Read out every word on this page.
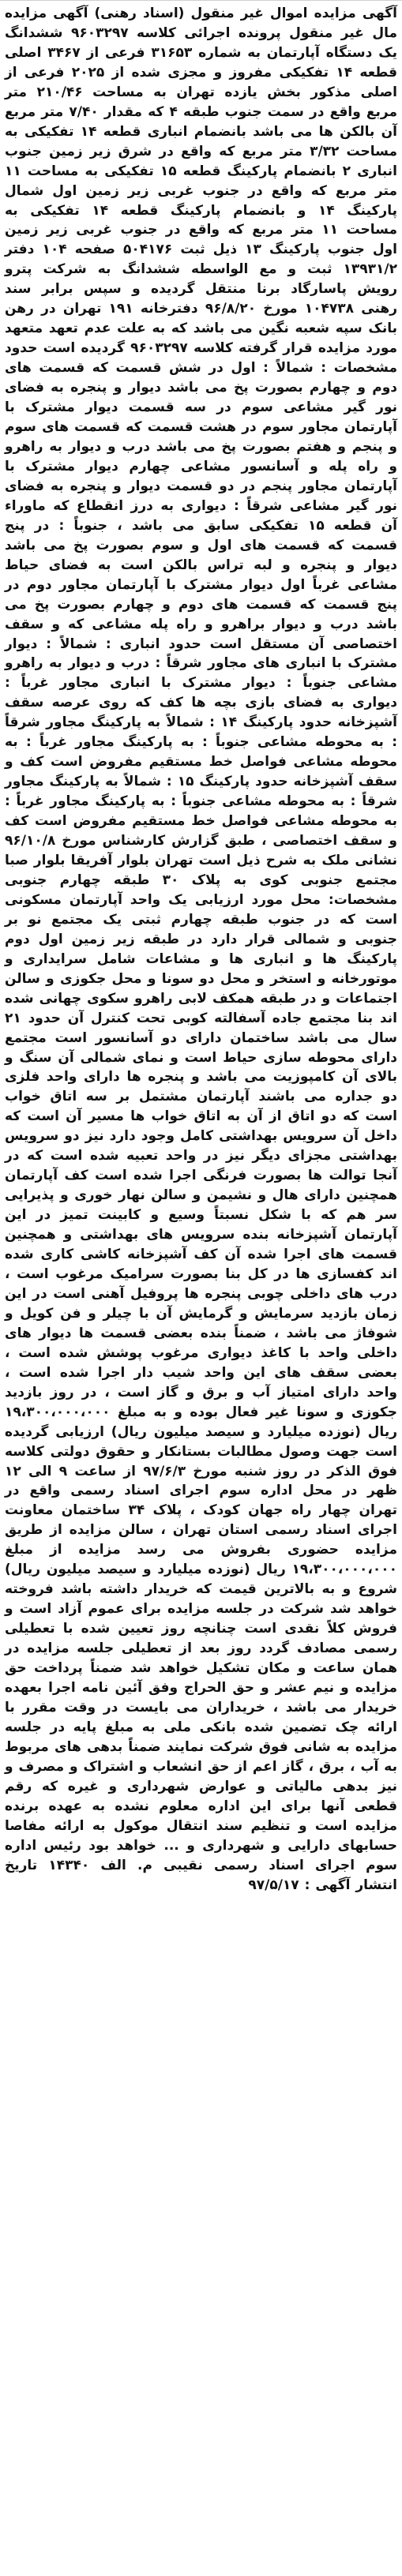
آگهی مزایده اموال غیر منقول (اسناد رهنی) آگهی مزایده مال غیر منقول پرونده اجرائی کلاسه ۹۶۰۳۲۹۷ ششدانگ یک دستگاه آپارتمان به شماره ۳۱۶۵۳ فرعی از ۳۴۶۷ اصلی قطعه ۱۴ تفکیکی مفروز و مجزی شده از ۲۰۲۵ فرعی از اصلی مذکور بخش یازده تهران به مساحت ۲۱۰/۴۶ متر مربع واقع در سمت جنوب طبقه ۴ که مقدار ۷/۴۰ متر مربع آن بالکن ها می باشد بانضمام انباری قطعه ۱۴ تفکیکی به مساحت ۳/۳۲ متر مربع که واقع در شرق زیر زمین جنوب انباری ۲ بانضمام پارکینگ قطعه ۱۵ تفکیکی به مساحت ۱۱ متر مربع که واقع در جنوب غربی زیر زمین اول شمال پارکینگ ۱۴ و بانضمام پارکینگ قطعه ۱۴ تفکیکی به مساحت ۱۱ متر مربع که واقع در جنوب غربی زیر زمین اول جنوب پارکینگ ۱۳ ذیل ثبت ۵۰۴۱۷۶ صفحه ۱۰۴ دفتر ۱۳۹۳۱/۲ ثبت و مع الواسطه ششدانگ به شرکت پترو رویش پاسارگاد برنا منتقل گردیده و سپس برابر سند رهنی ۱۰۴۷۳۸ مورخ ۹۶/۸/۲۰ دفترخانه ۱۹۱ تهران در رهن بانک سپه شعبه نگین می باشد که به علت عدم تعهد متعهد مورد مزایده قرار گرفته کلاسه ۹۶۰۳۲۹۷ گردیده است حدود مشخصات : شمالاً : اول در شش قسمت که قسمت های دوم و چهارم بصورت پخ می باشد دیوار و پنجره به فضای نور گیر مشاعی سوم در سه قسمت دیوار مشترک با آپارتمان مجاور سوم در هشت قسمت که قسمت های سوم و پنجم و هفتم بصورت پخ می باشد درب و دیوار به راهرو و راه پله و آسانسور مشاعی چهارم دیوار مشترک با آپارتمان مجاور پنجم در دو قسمت دیوار و پنجره به فضای نور گیر مشاعی شرقاً : دیواری به درز انقطاع که ماوراء آن قطعه ۱۵ تفکیکی سابق می باشد ، جنوباً : در پنج قسمت که قسمت های اول و سوم بصورت پخ می باشد دیوار و پنجره و لبه تراس بالکن است به فضای حیاط مشاعی غرباً اول دیوار مشترک با آپارتمان مجاور دوم در پنج قسمت که قسمت های دوم و چهارم بصورت پخ می باشد درب و دیوار براهرو و راه پله مشاعی که و سقف اختصاصی آن مستقل است حدود انباری : شمالاً : دیوار مشترک با انباری های مجاور شرقاً : درب و دیوار به راهرو مشاعی جنوباً : دیوار مشترک با انباری مجاور غرباً : دیواری به فضای بازی بچه ها کف که روی عرصه سقف آشپزخانه حدود پارکینگ ۱۴ : شمالاً به پارکینگ مجاور شرقاً : به محوطه مشاعی جنوباً : به پارکینگ مجاور غرباً : به محوطه مشاعی فواصل خط مستقیم مفروض است کف و سقف آشپزخانه حدود پارکینگ ۱۵ : شمالاً به پارکینگ مجاور شرقاً : به محوطه مشاعی جنوباً : به پارکینگ مجاور غرباً : به محوطه مشاعی فواصل خط مستقیم مفروض است کف و سقف اختصاصی ، طبق گزارش کارشناس مورخ ۹۶/۱۰/۸ نشانی ملک به شرح ذیل است تهران بلوار آفریقا بلوار صبا مجتمع جنوبی کوی به پلاک ۳۰ طبقه چهارم جنوبی مشخصات: محل مورد ارزیابی یک واحد آپارتمان مسکونی است که در جنوب طبقه چهارم ثبتی یک مجتمع نو بر جنوبی و شمالی قرار دارد در طبقه زیر زمین اول دوم پارکینگ ها و انباری ها و مشاعات شامل سرایداری و موتورخانه و استخر و محل دو سونا و محل جکوزی و سالن اجتماعات و در طبقه همکف لابی راهرو سکوی چهانی شده اند بنا مجتمع جاده آسفالته کوبی تحت کنترل آن حدود ۲۱ سال می باشد ساختمان دارای دو آسانسور است مجتمع دارای محوطه سازی حیاط است و نمای شمالی آن سنگ و بالای آن کامپوزیت می باشد و پنجره ها دارای واحد فلزی دو جداره می باشند آپارتمان مشتمل بر سه اتاق خواب است که دو اتاق از آن به اتاق خواب ها مسیر آن است که داخل آن سرویس بهداشتی کامل وجود دارد نیز دو سرویس بهداشتی مجزای دیگر نیز در واحد تعبیه شده است که در آنجا توالت ها بصورت فرنگی اجرا شده است کف آپارتمان همچنین دارای هال و نشیمن و سالن نهار خوری و پذیرایی سر هم که با شکل نسبتاً وسیع و کابینت تمیز در این آپارتمان آشپزخانه بنده سرویس های بهداشتی و همچنین قسمت های اجرا شده آن کف آشپزخانه کاشی کاری شده اند کفسازی ها در کل بنا بصورت سرامیک مرغوب است ، درب های داخلی چوبی پنجره ها پروفیل آهنی است در این زمان بازدید سرمایش و گرمایش آن با چیلر و فن کویل و شوفاژ می باشد ، ضمناً بنده بعضی قسمت ها دیوار های داخلی واحد با کاغذ دیواری مرغوب پوشش شده است ، بعضی سقف های این واحد شیب دار اجرا شده است ، واحد دارای امتیاز آب و برق و گاز است ، در روز بازدید جکوزی و سونا غیر فعال بوده و به مبلغ ۱۹،۳۰۰،۰۰۰،۰۰۰ ریال (نوزده میلیارد و سیصد میلیون ریال) ارزیابی گردیده است جهت وصول مطالبات بستانکار و حقوق دولتی کلاسه فوق الذکر در روز شنبه مورخ ۹۷/۶/۳ از ساعت ۹ الی ۱۲ ظهر در محل اداره سوم اجرای اسناد رسمی واقع در تهران چهار راه جهان کودک ، پلاک ۳۴ ساختمان معاونت اجرای اسناد رسمی استان تهران ، سالن مزایده از طریق مزایده حضوری بفروش می رسد مزایده از مبلغ ۱۹،۳۰۰،۰۰۰،۰۰۰ ریال (نوزده میلیارد و سیصد میلیون ریال) شروع و به بالاترین قیمت که خریدار داشته باشد فروخته خواهد شد شرکت در جلسه مزایده برای عموم آزاد است و فروش کلاً نقدی است چنانچه روز تعیین شده با تعطیلی رسمی مصادف گردد روز بعد از تعطیلی جلسه مزایده در همان ساعت و مکان تشکیل خواهد شد ضمناً پرداخت حق مزایده و نیم عشر و حق الحراج وفق آئین نامه اجرا بعهده خریدار می باشد ، خریداران می بایست در وقت مقرر با ارائه چک تضمین شده بانکی ملی به مبلغ پایه در جلسه مزایده به شانی فوق شرکت نمایند ضمناً بدهی های مربوط به آب ، برق ، گاز اعم از حق انشعاب و اشتراک و مصرف و نیز بدهی مالیاتی و عوارض شهرداری و غیره که رقم قطعی آنها برای این اداره معلوم نشده به عهده برنده مزایده است و تنظیم سند انتقال موکول به ارائه مفاصا حسابهای دارایی و شهرداری و ... خواهد بود رئیس اداره سوم اجرای اسناد رسمی نقیبی م. الف ۱۴۳۴۰ تاریخ انتشار آگهی : ۹۷/۵/۱۷
